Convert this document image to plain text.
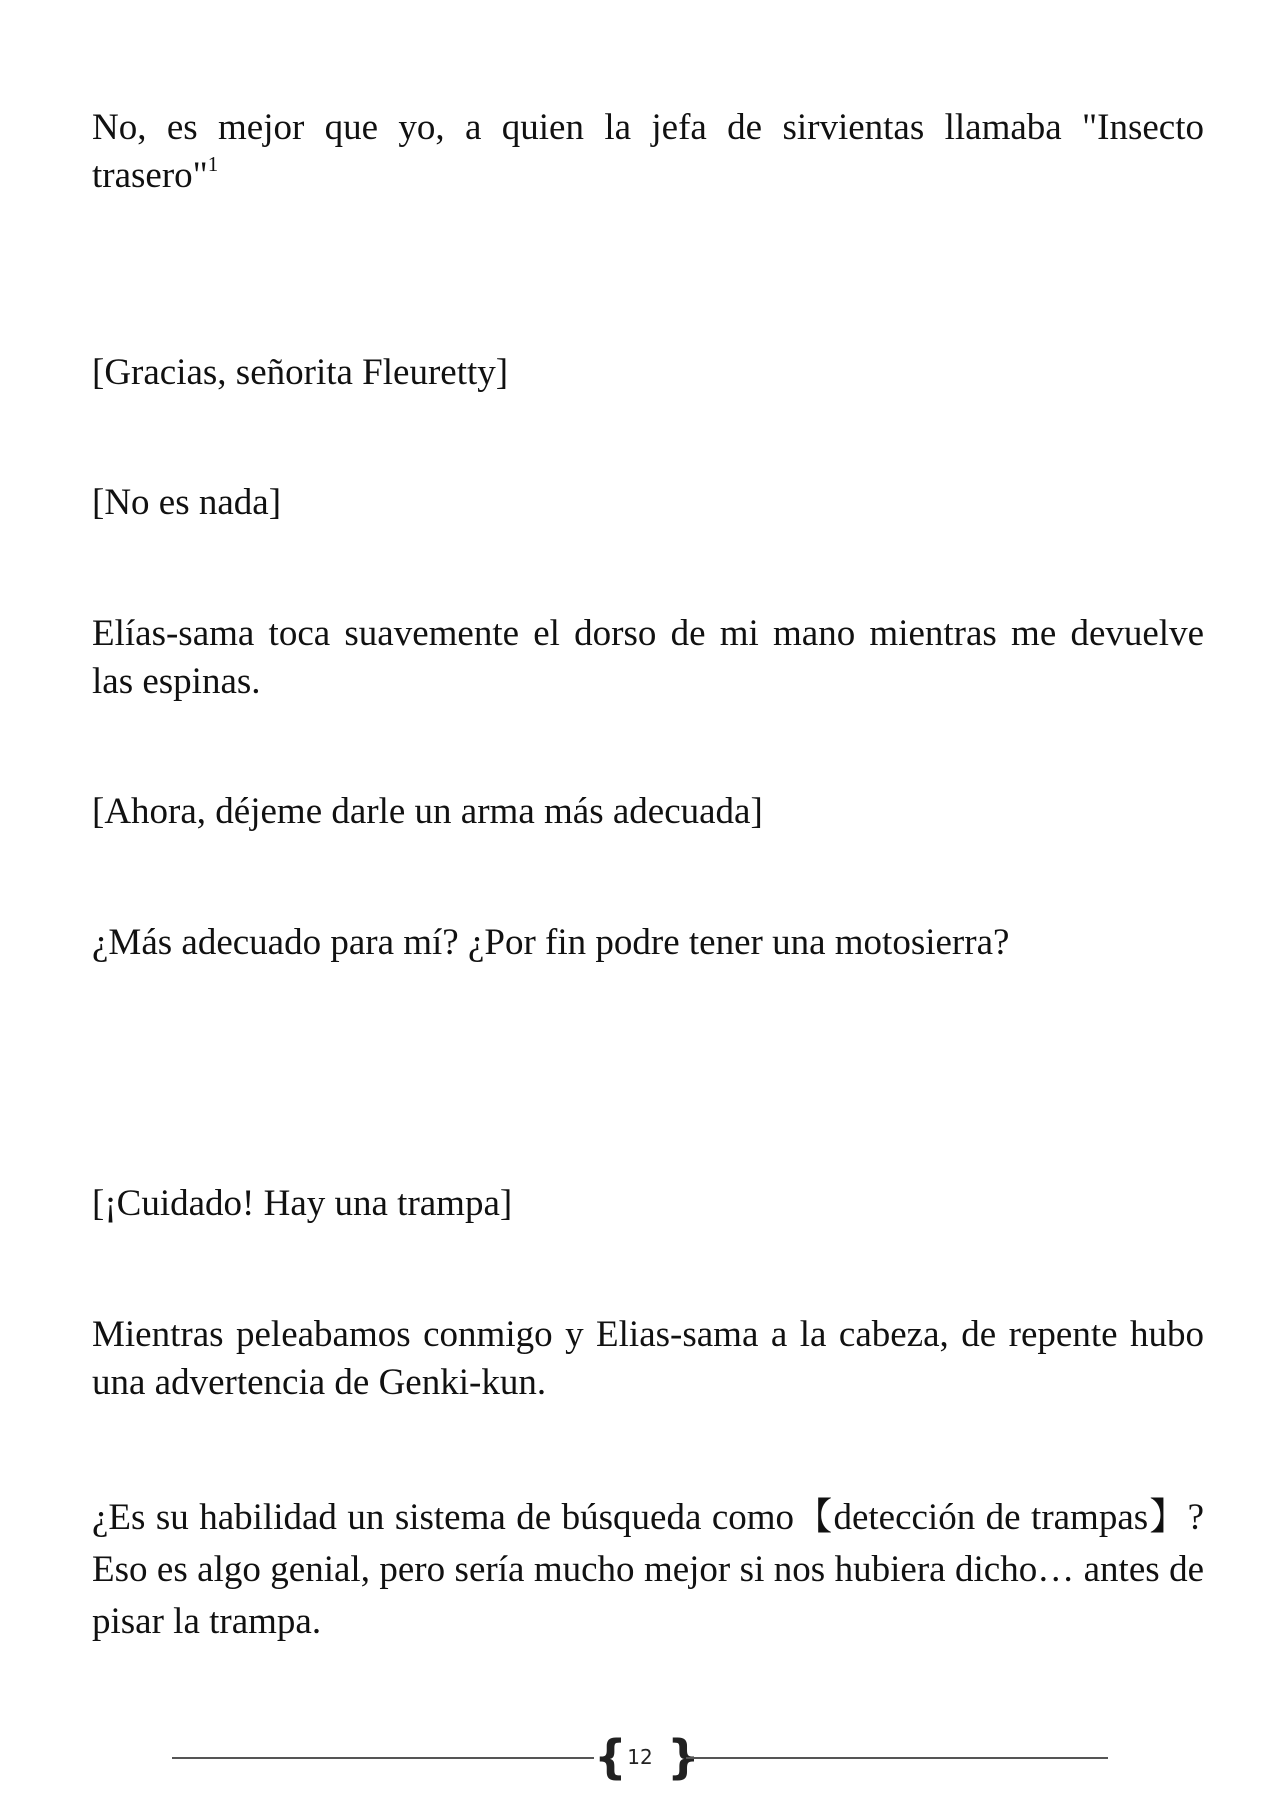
No, es mejor que yo, a quien la jefa de sirvientas llamaba "Insecto trasero"$^1$

[Gracias, señorita Fleuretty]

[No es nada]

Elías-sama toca suavemente el dorso de mi mano mientras me devuelve las espinas.

[Ahora, déjeme darle un arma más adecuada]

¿Más adecuado para mí? ¿Por fin podre tener una motosierra?

[¡Cuidado! Hay una trampa]

Mientras peleabamos conmigo y Elias-sama a la cabeza, de repente hubo una advertencia de Genki-kun.

¿Es su habilidad un sistema de búsqueda como【detección de trampas】? Eso es algo genial, pero sería mucho mejor si nos hubiera dicho… antes de pisar la trampa.

{ 12 }
